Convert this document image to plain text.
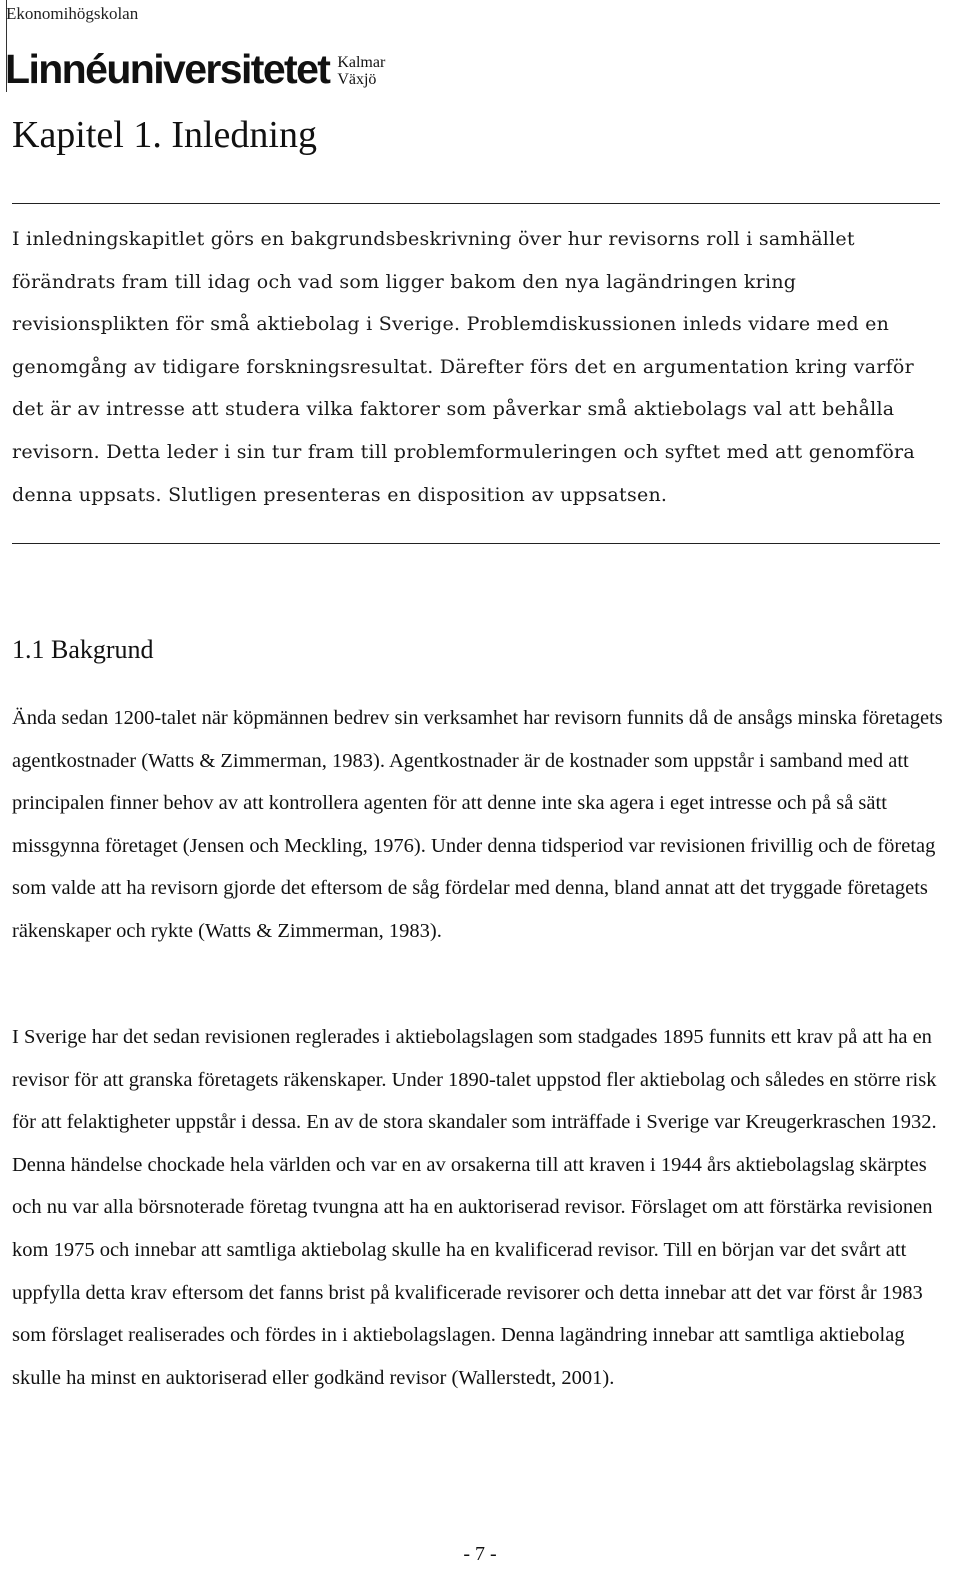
Ekonomihögskolan
Linnéuniversitetet Kalmar
Växjö
Kapitel 1. Inledning

I inledningskapitlet görs en bakgrundsbeskrivning över hur revisorns roll i samhället förändrats fram till idag och vad som ligger bakom den nya lagändringen kring revisionsplikten för små aktiebolag i Sverige. Problemdiskussionen inleds vidare med en genomgång av tidigare forskningsresultat. Därefter förs det en argumentation kring varför det är av intresse att studera vilka faktorer som påverkar små aktiebolags val att behålla revisorn. Detta leder i sin tur fram till problemformuleringen och syftet med att genomföra denna uppsats. Slutligen presenteras en disposition av uppsatsen.

1.1 Bakgrund

Ända sedan 1200-talet när köpmännen bedrev sin verksamhet har revisorn funnits då de ansågs minska företagets agentkostnader (Watts & Zimmerman, 1983). Agentkostnader är de kostnader som uppstår i samband med att principalen finner behov av att kontrollera agenten för att denne inte ska agera i eget intresse och på så sätt missgynna företaget (Jensen och Meckling, 1976). Under denna tidsperiod var revisionen frivillig och de företag som valde att ha revisorn gjorde det eftersom de såg fördelar med denna, bland annat att det tryggade företagets räkenskaper och rykte (Watts & Zimmerman, 1983).

I Sverige har det sedan revisionen reglerades i aktiebolagslagen som stadgades 1895 funnits ett krav på att ha en revisor för att granska företagets räkenskaper. Under 1890-talet uppstod fler aktiebolag och således en större risk för att felaktigheter uppstår i dessa. En av de stora skandaler som inträffade i Sverige var Kreugerkraschen 1932. Denna händelse chockade hela världen och var en av orsakerna till att kraven i 1944 års aktiebolagslag skärptes och nu var alla börsnoterade företag tvungna att ha en auktoriserad revisor. Förslaget om att förstärka revisionen kom 1975 och innebar att samtliga aktiebolag skulle ha en kvalificerad revisor. Till en början var det svårt att uppfylla detta krav eftersom det fanns brist på kvalificerade revisorer och detta innebar att det var först år 1983 som förslaget realiserades och fördes in i aktiebolagslagen. Denna lagändring innebar att samtliga aktiebolag skulle ha minst en auktoriserad eller godkänd revisor (Wallerstedt, 2001).

- 7 -
